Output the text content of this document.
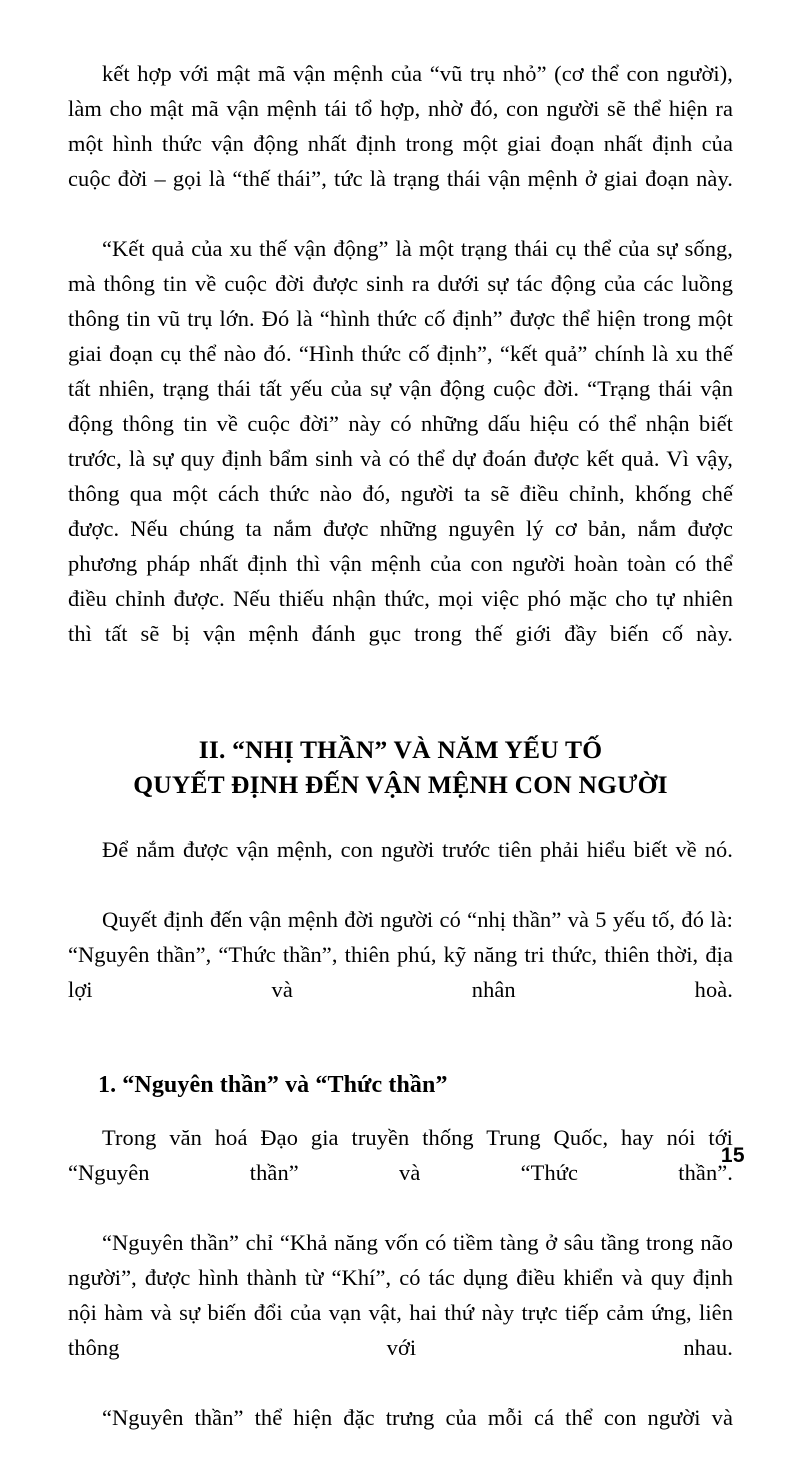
kết hợp với mật mã vận mệnh của “vũ trụ nhỏ” (cơ thể con người), làm cho mật mã vận mệnh tái tổ hợp, nhờ đó, con người sẽ thể hiện ra một hình thức vận động nhất định trong một giai đoạn nhất định của cuộc đời – gọi là “thế thái”, tức là trạng thái vận mệnh ở giai đoạn này.

“Kết quả của xu thế vận động” là một trạng thái cụ thể của sự sống, mà thông tin về cuộc đời được sinh ra dưới sự tác động của các luồng thông tin vũ trụ lớn. Đó là “hình thức cố định” được thể hiện trong một giai đoạn cụ thể nào đó. “Hình thức cố định”, “kết quả” chính là xu thế tất nhiên, trạng thái tất yếu của sự vận động cuộc đời. “Trạng thái vận động thông tin về cuộc đời” này có những dấu hiệu có thể nhận biết trước, là sự quy định bẩm sinh và có thể dự đoán được kết quả. Vì vậy, thông qua một cách thức nào đó, người ta sẽ điều chỉnh, khống chế được. Nếu chúng ta nắm được những nguyên lý cơ bản, nắm được phương pháp nhất định thì vận mệnh của con người hoàn toàn có thể điều chỉnh được. Nếu thiếu nhận thức, mọi việc phó mặc cho tự nhiên thì tất sẽ bị vận mệnh đánh gục trong thế giới đầy biến cố này.

II. “NHỊ THẦN” VÀ NĂM YẾU TỐ
QUYẾT ĐỊNH ĐẾN VẬN MỆNH CON NGƯỜI

Để nắm được vận mệnh, con người trước tiên phải hiểu biết về nó.

Quyết định đến vận mệnh đời người có “nhị thần” và 5 yếu tố, đó là: “Nguyên thần”, “Thức thần”, thiên phú, kỹ năng tri thức, thiên thời, địa lợi và nhân hoà.

1. “Nguyên thần” và “Thức thần”

Trong văn hoá Đạo gia truyền thống Trung Quốc, hay nói tới “Nguyên thần” và “Thức thần”.

“Nguyên thần” chỉ “Khả năng vốn có tiềm tàng ở sâu tầng trong não người”, được hình thành từ “Khí”, có tác dụng điều khiển và quy định nội hàm và sự biến đổi của vạn vật, hai thứ này trực tiếp cảm ứng, liên thông với nhau.

“Nguyên thần” thể hiện đặc trưng của mỗi cá thể con người và

15
